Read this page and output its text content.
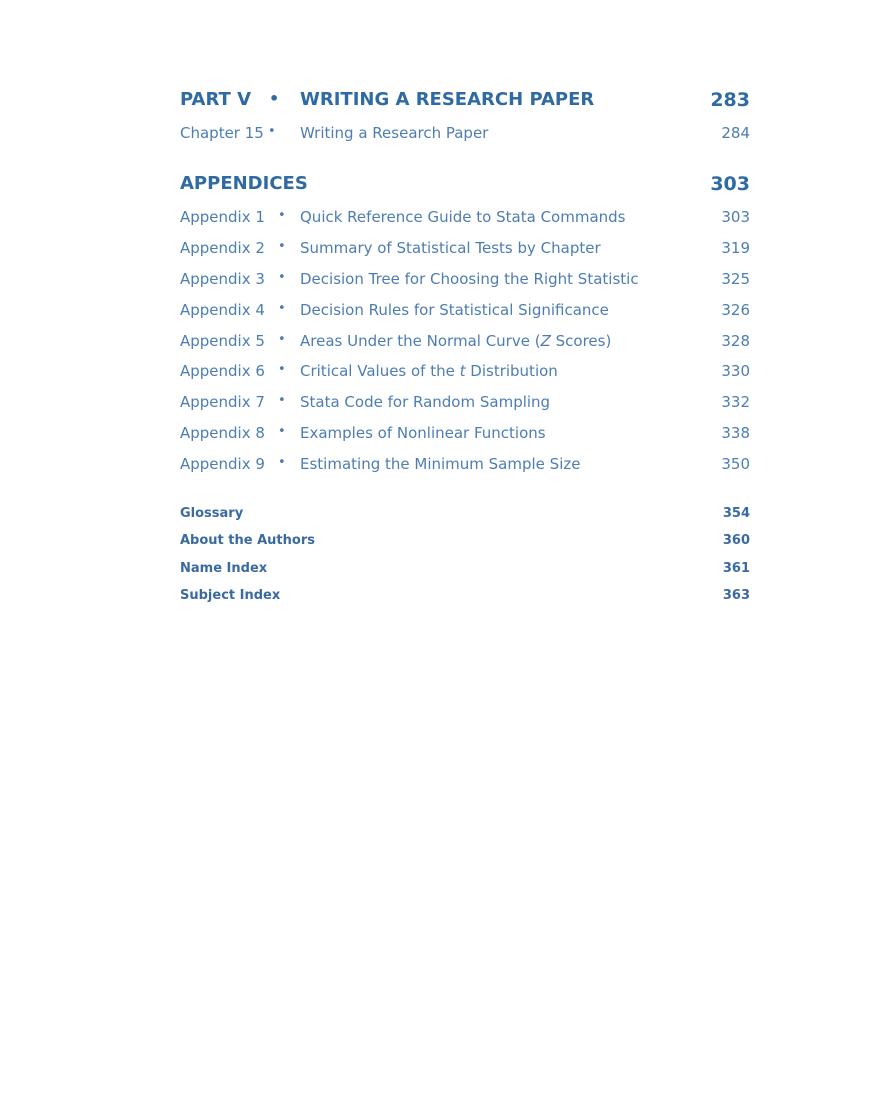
PART V • WRITING A RESEARCH PAPER	283
Chapter 15 • Writing a Research Paper	284
APPENDICES	303
Appendix 1 • Quick Reference Guide to Stata Commands	303
Appendix 2 • Summary of Statistical Tests by Chapter	319
Appendix 3 • Decision Tree for Choosing the Right Statistic	325
Appendix 4 • Decision Rules for Statistical Significance	326
Appendix 5 • Areas Under the Normal Curve (Z Scores)	328
Appendix 6 • Critical Values of the t Distribution	330
Appendix 7 • Stata Code for Random Sampling	332
Appendix 8 • Examples of Nonlinear Functions	338
Appendix 9 • Estimating the Minimum Sample Size	350
Glossary	354
About the Authors	360
Name Index	361
Subject Index	363
